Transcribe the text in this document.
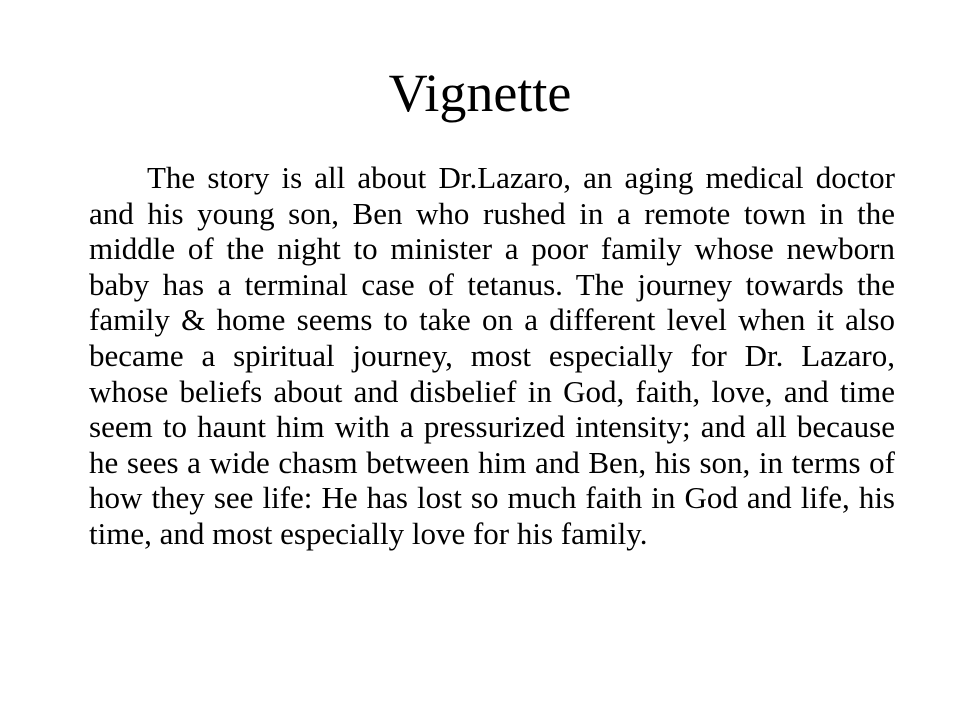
Vignette

The story is all about Dr.Lazaro, an aging medical doctor and his young son, Ben who rushed in a remote town in the middle of the night to minister a poor family whose newborn baby has a terminal case of tetanus. The journey towards the family & home seems to take on a different level when it also became a spiritual journey, most especially for Dr. Lazaro, whose beliefs about and disbelief in God, faith, love, and time seem to haunt him with a pressurized intensity; and all because he sees a wide chasm between him and Ben, his son, in terms of how they see life: He has lost so much faith in God and life, his time, and most especially love for his family.
